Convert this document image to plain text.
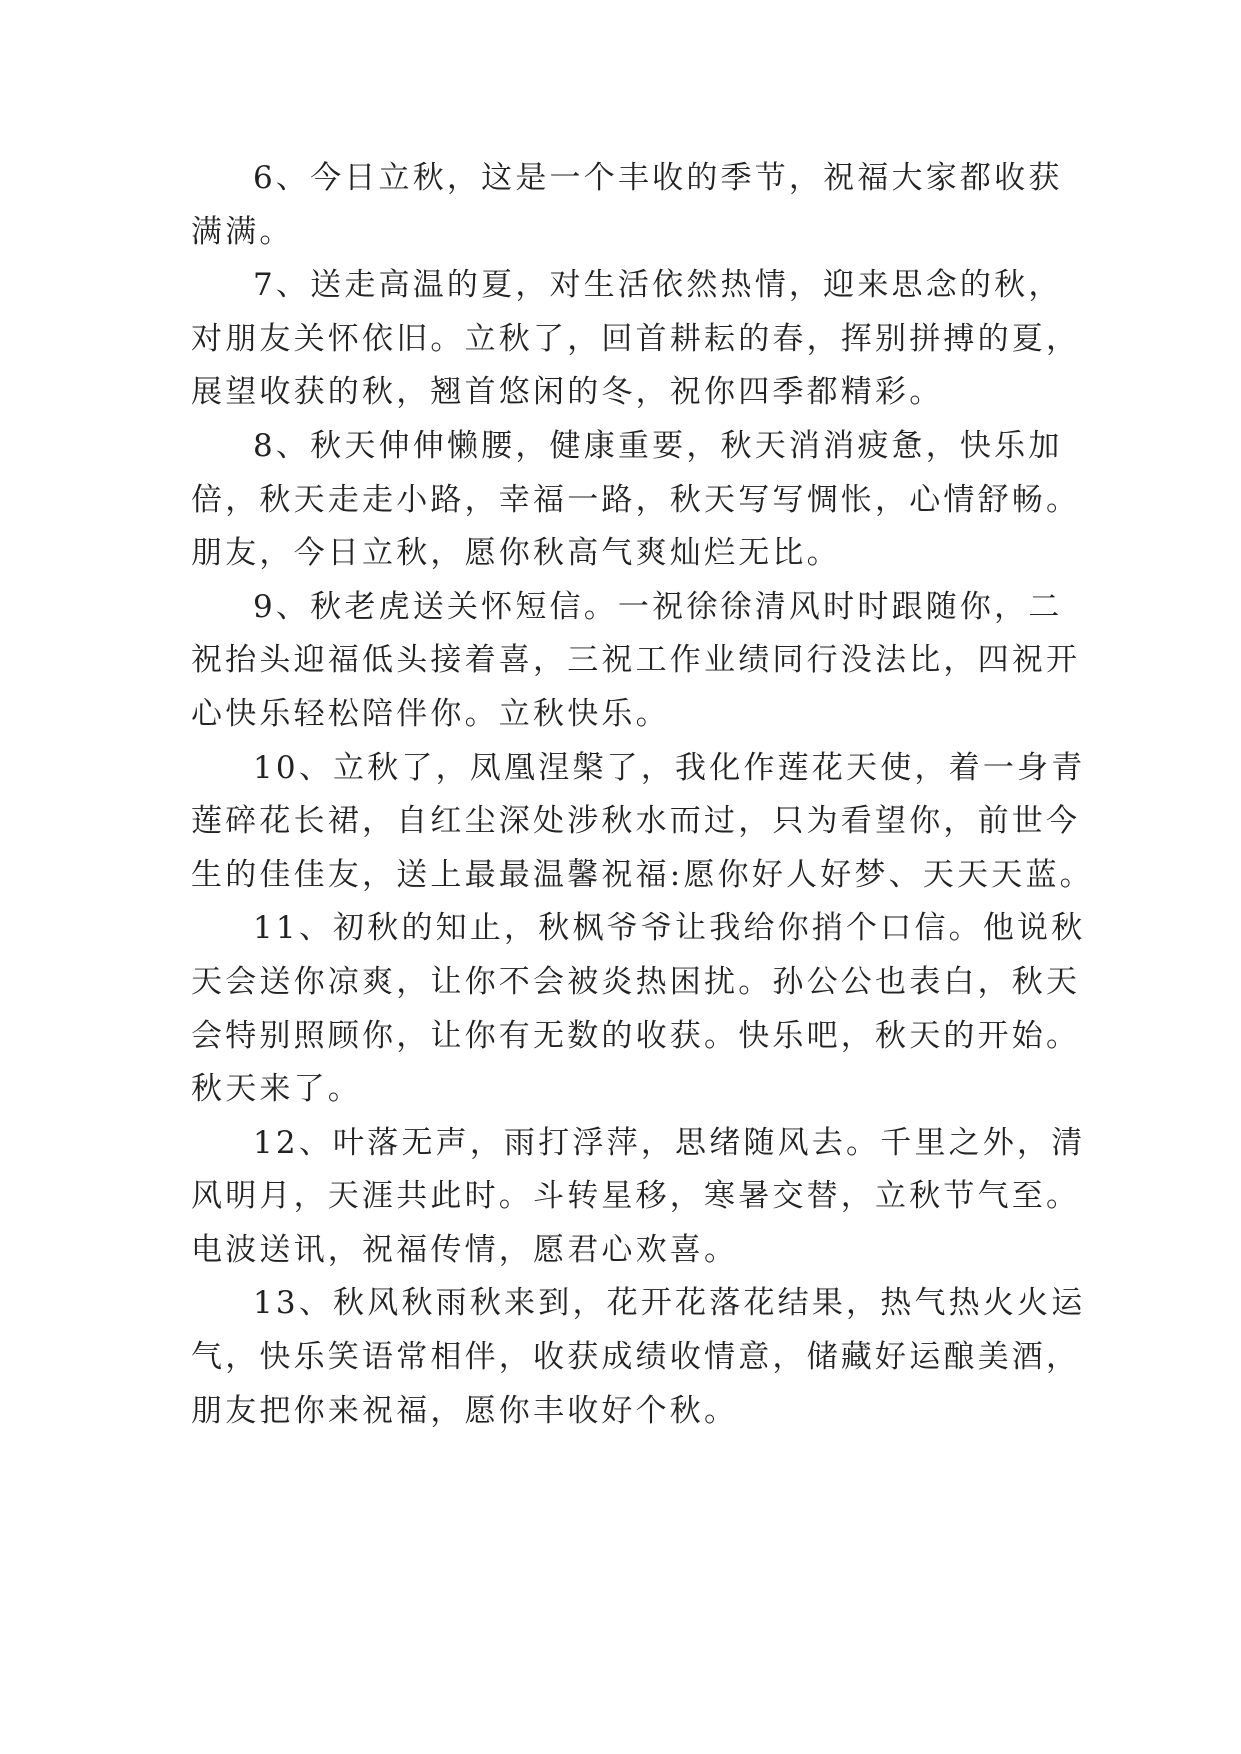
6、今日立秋，这是一个丰收的季节，祝福大家都收获
满满。

7、送走高温的夏，对生活依然热情，迎来思念的秋，
对朋友关怀依旧。立秋了，回首耕耘的春，挥别拼搏的夏，
展望收获的秋，翘首悠闲的冬，祝你四季都精彩。

8、秋天伸伸懒腰，健康重要，秋天消消疲惫，快乐加
倍，秋天走走小路，幸福一路，秋天写写惆怅，心情舒畅。
朋友，今日立秋，愿你秋高气爽灿烂无比。

9、秋老虎送关怀短信。一祝徐徐清风时时跟随你，二
祝抬头迎福低头接着喜，三祝工作业绩同行没法比，四祝开
心快乐轻松陪伴你。立秋快乐。

10、立秋了，凤凰涅槃了，我化作莲花天使，着一身青
莲碎花长裙，自红尘深处涉秋水而过，只为看望你，前世今
生的佳佳友，送上最最温馨祝福:愿你好人好梦、天天天蓝。

11、初秋的知止，秋枫爷爷让我给你捎个口信。他说秋
天会送你凉爽，让你不会被炎热困扰。孙公公也表白，秋天
会特别照顾你，让你有无数的收获。快乐吧，秋天的开始。
秋天来了。

12、叶落无声，雨打浮萍，思绪随风去。千里之外，清
风明月，天涯共此时。斗转星移，寒暑交替，立秋节气至。
电波送讯，祝福传情，愿君心欢喜。

13、秋风秋雨秋来到，花开花落花结果，热气热火火运
气，快乐笑语常相伴，收获成绩收情意，储藏好运酿美酒，
朋友把你来祝福，愿你丰收好个秋。
